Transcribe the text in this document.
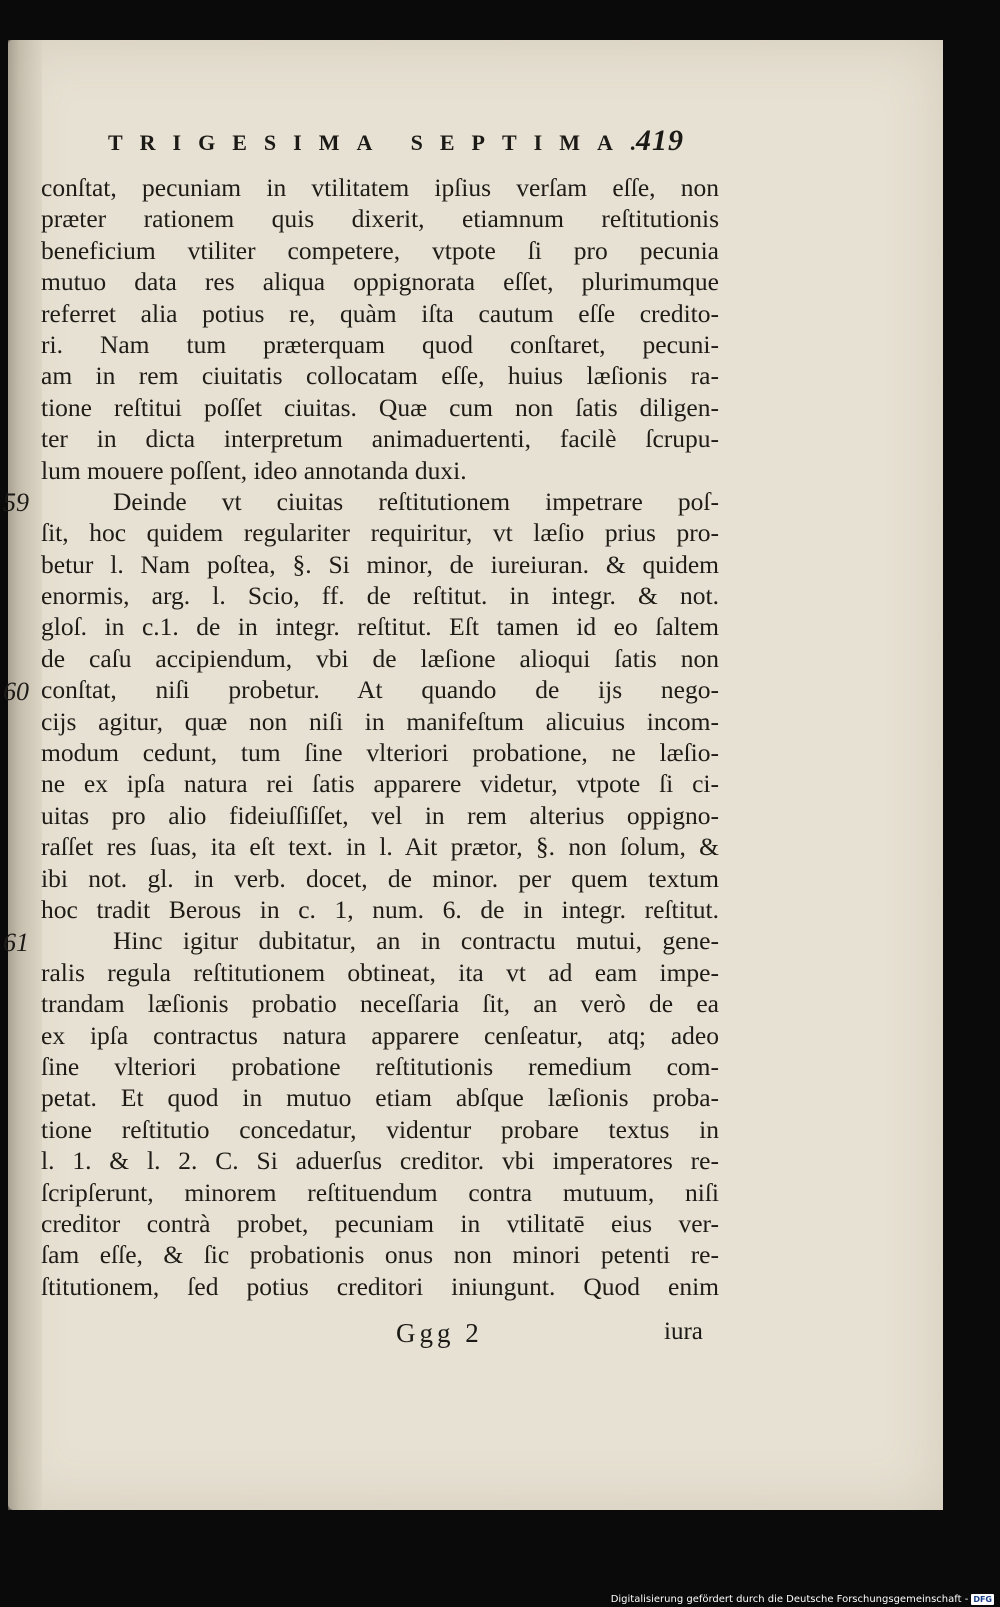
TRIGESIMA SEPTIMA.
419
conſtat, pecuniam in vtilitatem ipſius verſam eſſe, non
præter rationem quis dixerit, etiamnum reſtitutionis
beneficium vtiliter competere, vtpote ſi pro pecunia
mutuo data res aliqua oppignorata eſſet, plurimumque
referret alia potius re, quàm iſta cautum eſſe credito-
ri. Nam tum præterquam quod conſtaret, pecuni-
am in rem ciuitatis collocatam eſſe, huius læſionis ra-
tione reſtitui poſſet ciuitas. Quæ cum non ſatis diligen-
ter in dicta interpretum animaduertenti, facilè ſcrupu-
lum mouere poſſent, ideo annotanda duxi.
Deinde vt ciuitas reſtitutionem impetrare poſ-
ſit, hoc quidem regulariter requiritur, vt læſio prius pro-
betur l. Nam poſtea, §. Si minor, de iureiuran. & quidem
enormis, arg. l. Scio, ff. de reſtitut. in integr. & not.
gloſ. in c.1. de in integr. reſtitut. Eſt tamen id eo ſaltem
de caſu accipiendum, vbi de læſione alioqui ſatis non
conſtat, niſi probetur. At quando de ijs nego-
cijs agitur, quæ non niſi in manifeſtum alicuius incom-
modum cedunt, tum ſine vlteriori probatione, ne læſio-
ne ex ipſa natura rei ſatis apparere videtur, vtpote ſi ci-
uitas pro alio fideiuſſiſſet, vel in rem alterius oppigno-
raſſet res ſuas, ita eſt text. in l. Ait prætor, §. non ſolum, &
ibi not. gl. in verb. docet, de minor. per quem textum
hoc tradit Berous in c. 1, num. 6. de in integr. reſtitut.
Hinc igitur dubitatur, an in contractu mutui, gene-
ralis regula reſtitutionem obtineat, ita vt ad eam impe-
trandam læſionis probatio neceſſaria ſit, an verò de ea
ex ipſa contractus natura apparere cenſeatur, atq; adeo
ſine vlteriori probatione reſtitutionis remedium com-
petat. Et quod in mutuo etiam abſque læſionis proba-
tione reſtitutio concedatur, videntur probare textus in
l. 1. & l. 2. C. Si aduerſus creditor. vbi imperatores re-
ſcripſerunt, minorem reſtituendum contra mutuum, niſi
creditor contrà probet, pecuniam in vtilitatē eius ver-
ſam eſſe, & ſic probationis onus non minori petenti re-
ſtitutionem, ſed potius creditori iniungunt. Quod enim
59
60
61
Ggg 2	iura
Digitalisierung gefördert durch die Deutsche Forschungsgemeinschaft - DFG
